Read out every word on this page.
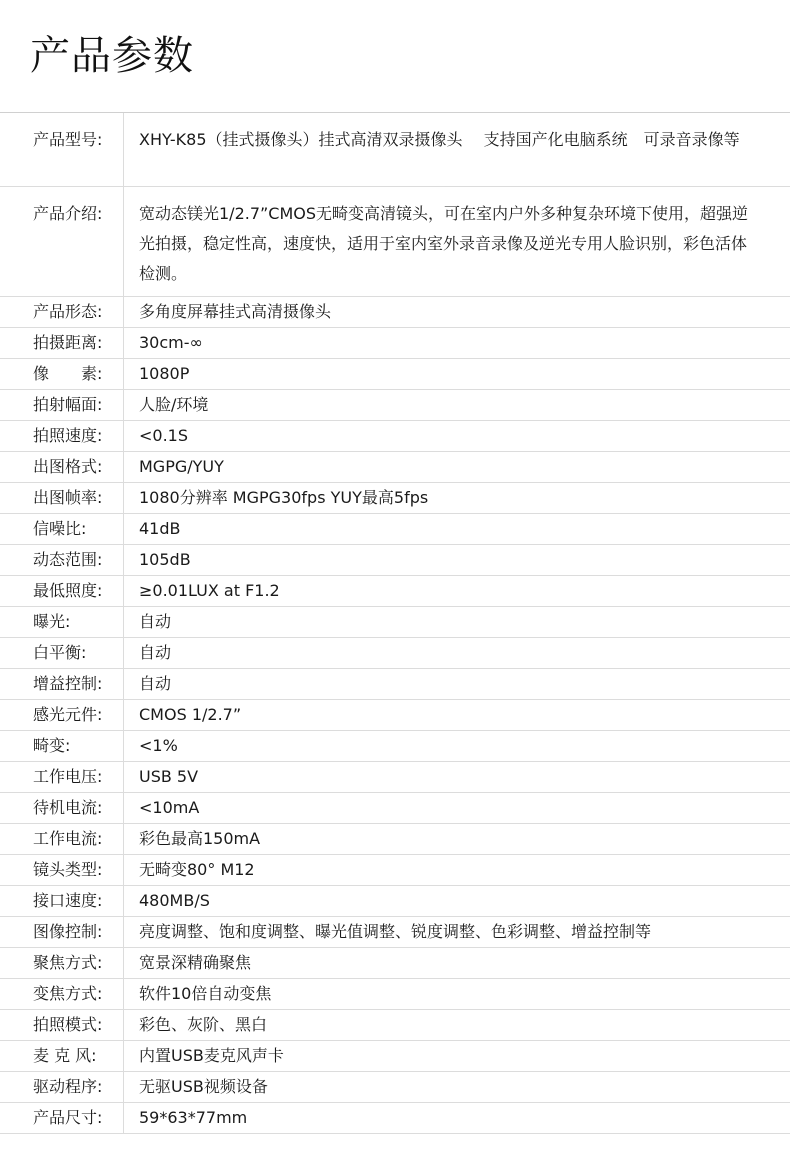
产品参数
产品型号:	XHY-K85（挂式摄像头）挂式高清双录摄像头　 支持国产化电脑系统　可录音录像等
产品介绍:	宽动态镁光1/2.7”CMOS无畸变高清镜头，可在室内户外多种复杂环境下使用，超强逆光拍摄，稳定性高，速度快，适用于室内室外录音录像及逆光专用人脸识别，彩色活体检测。
产品形态:	多角度屏幕挂式高清摄像头
拍摄距离:	30cm-∞
像　　素:	1080P
拍射幅面:	人脸/环境
拍照速度:	<0.1S
出图格式:	MGPG/YUY
出图帧率:	1080分辨率 MGPG30fps YUY最高5fps
信噪比:	41dB
动态范围:	105dB
最低照度:	≥0.01LUX at F1.2
曝光:	自动
白平衡:	自动
增益控制:	自动
感光元件:	CMOS 1/2.7”
畸变:	<1%
工作电压:	USB 5V
待机电流:	<10mA
工作电流:	彩色最高150mA
镜头类型:	无畸变80° M12
接口速度:	480MB/S
图像控制:	亮度调整、饱和度调整、曝光值调整、锐度调整、色彩调整、增益控制等
聚焦方式:	宽景深精确聚焦
变焦方式:	软件10倍自动变焦
拍照模式:	彩色、灰阶、黑白
麦 克 风:	内置USB麦克风声卡
驱动程序:	无驱USB视频设备
产品尺寸:	59*63*77mm
